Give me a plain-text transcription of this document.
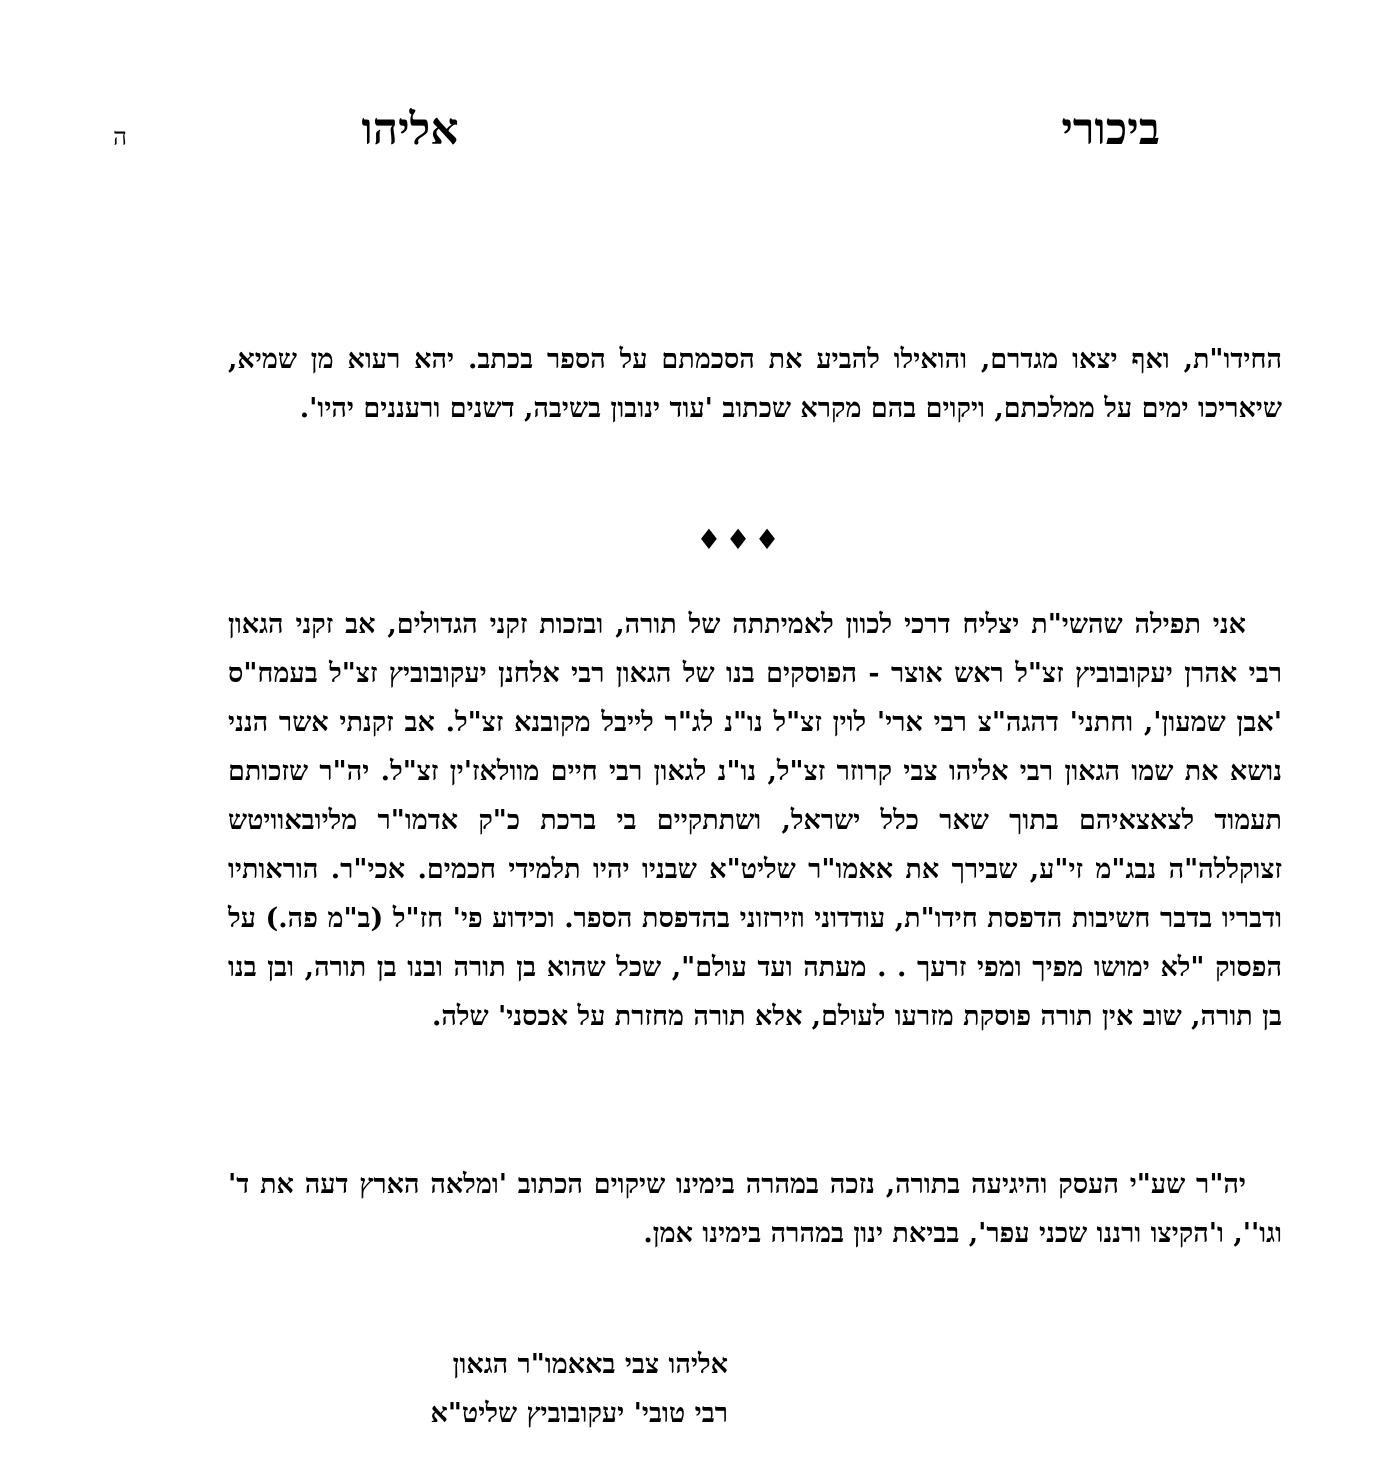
ביכורי
אליהו
ה

החידו"ת, ואף יצאו מגדרם, והואילו להביע את הסכמתם על הספר בכתב. יהא רעוא מן שמיא, שיאריכו ימים על ממלכתם, ויקוים בהם מקרא שכתוב 'עוד ינובון בשיבה, דשנים ורעננים יהיו'.

♦♦♦

אני תפילה שהשי"ת יצליח דרכי לכוון לאמיתתה של תורה, ובזכות זקני הגדולים, אב זקני הגאון רבי אהרן יעקובוביץ זצ"ל ראש אוצר - הפוסקים בנו של הגאון רבי אלחנן יעקובוביץ זצ"ל בעמח"ס 'אבן שמעון', וחתני' דהגה"צ רבי ארי' לוין זצ"ל נו"נ לג"ר לייבל מקובנא זצ"ל. אב זקנתי אשר הנני נושא את שמו הגאון רבי אליהו צבי קרוזר זצ"ל, נו"נ לגאון רבי חיים מוולאז'ין זצ"ל. יה"ר שזכותם תעמוד לצאצאיהם בתוך שאר כלל ישראל, ושתתקיים בי ברכת כ"ק אדמו"ר מליובאוויטש זצוקללה"ה נבג"מ זי"ע, שבירך את אאמו"ר שליט"א שבניו יהיו תלמידי חכמים. אכי"ר. הוראותיו ודבריו בדבר חשיבות הדפסת חידו"ת, עודדוני וזירזוני בהדפסת הספר. וכידוע פי' חז"ל (ב"מ פה.) על הפסוק "לא ימושו מפיך ומפי זרעך . . מעתה ועד עולם", שכל שהוא בן תורה ובנו בן תורה, ובן בנו בן תורה, שוב אין תורה פוסקת מזרעו לעולם, אלא תורה מחזרת על אכסני' שלה.

יה"ר שע"י העסק והיגיעה בתורה, נזכה במהרה בימינו שיקוים הכתוב 'ומלאה הארץ דעה את ד' וגו'', ו'הקיצו ורננו שכני עפר', בביאת ינון במהרה בימינו אמן.

אליהו צבי באאמו"ר הגאון
רבי טובי' יעקובוביץ שליט"א
